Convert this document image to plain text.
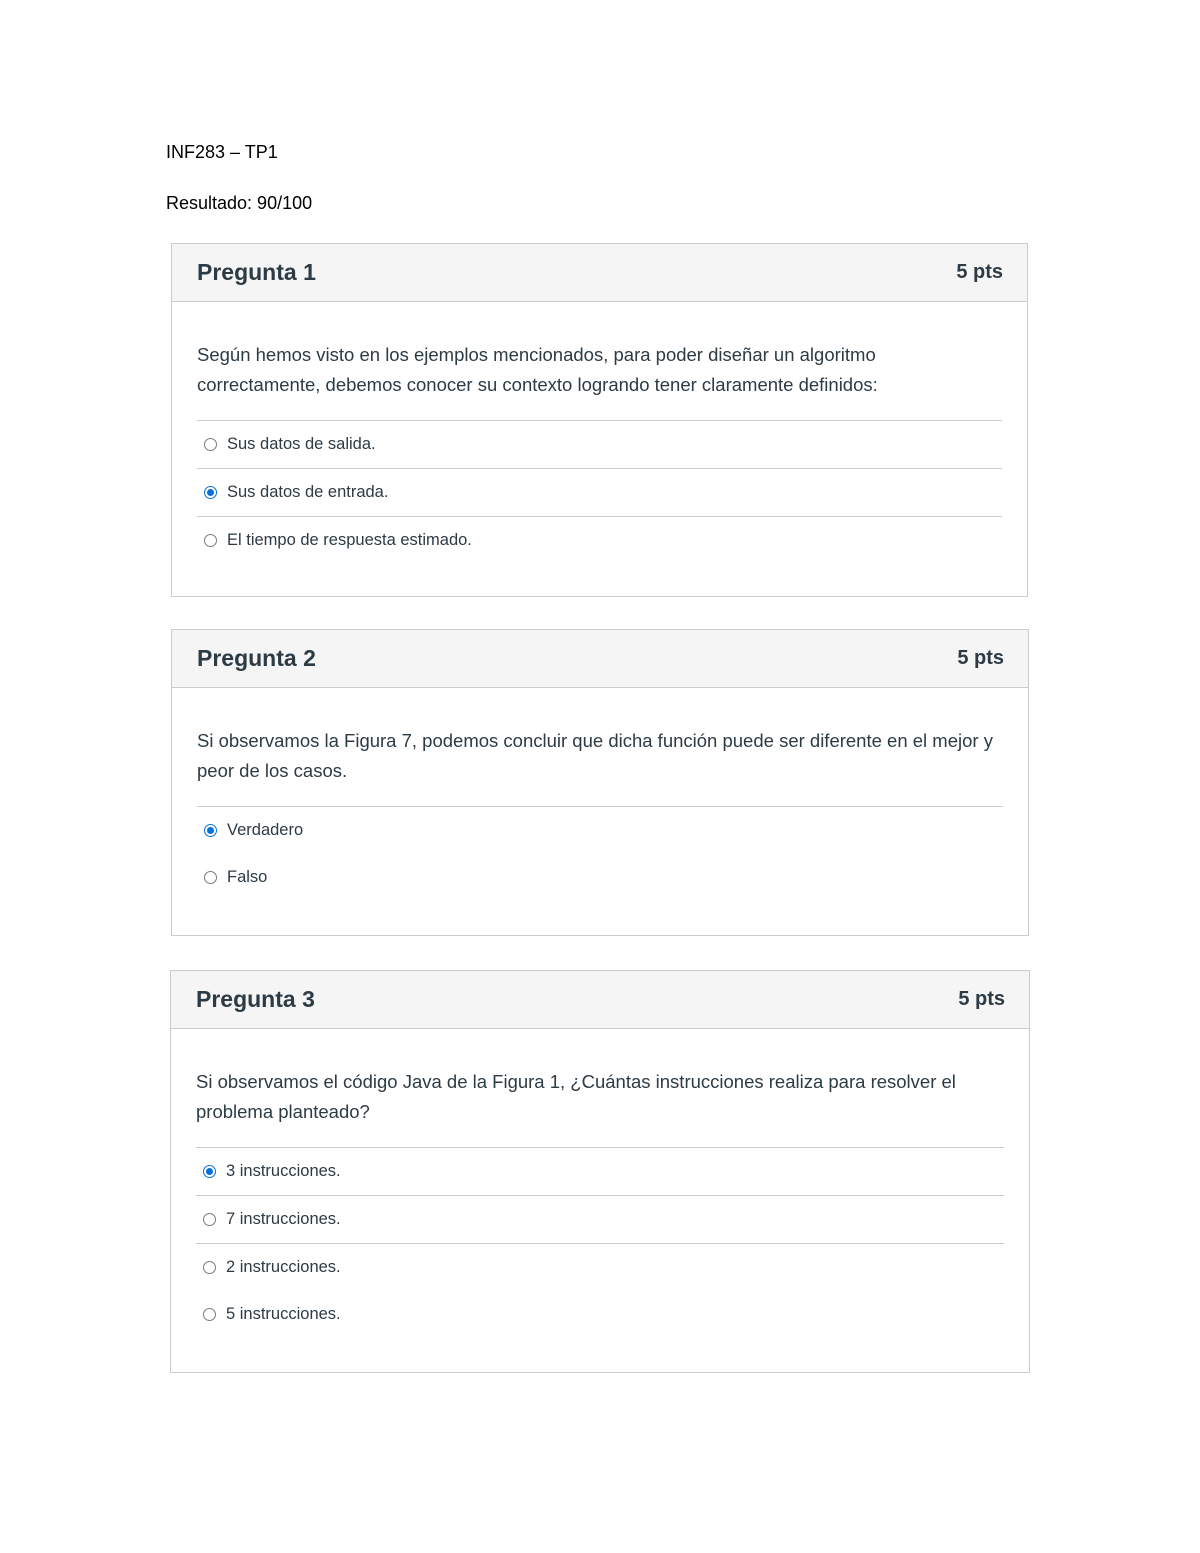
INF283 – TP1
Resultado: 90/100
Pregunta 1	5 pts
Según hemos visto en los ejemplos mencionados, para poder diseñar un algoritmo correctamente, debemos conocer su contexto logrando tener claramente definidos:
Sus datos de salida.
Sus datos de entrada.
El tiempo de respuesta estimado.
Pregunta 2	5 pts
Si observamos la Figura 7, podemos concluir que dicha función puede ser diferente en el mejor y peor de los casos.
Verdadero
Falso
Pregunta 3	5 pts
Si observamos el código Java de la Figura 1, ¿Cuántas instrucciones realiza para resolver el problema planteado?
3 instrucciones.
7 instrucciones.
2 instrucciones.
5 instrucciones.
